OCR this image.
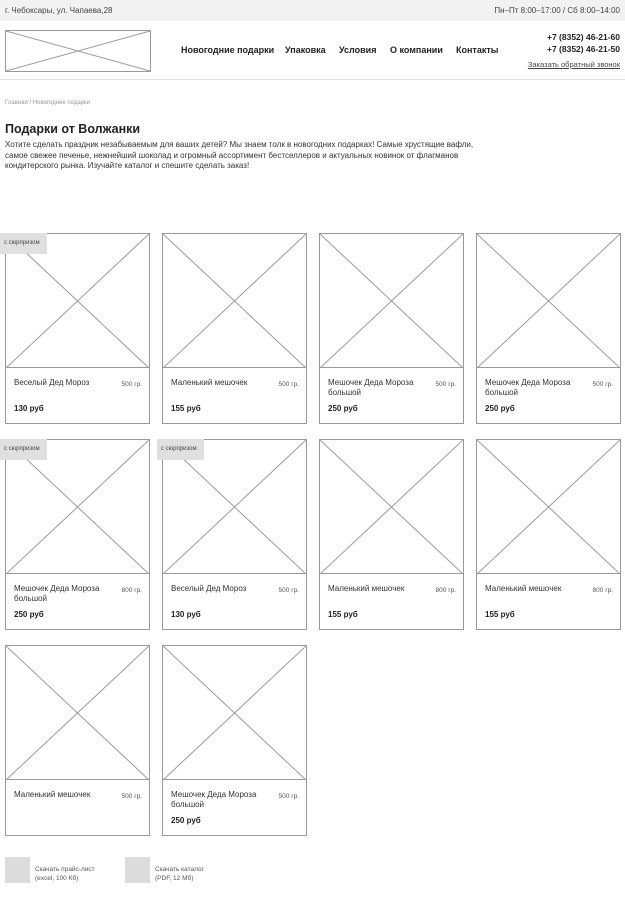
г. Чебоксары, ул. Чапаева,28	Пн–Пт 8:00–17:00 / Сб 8:00–14:00
Новогодние подарки Упаковка Условия О компании Контакты
+7 (8352) 46-21-60
+7 (8352) 46-21-50
Заказать обратный звонок
Главная / Новогодние подарки
Подарки от Волжанки

Хотите сделать праздник незабываемым для ваших детей? Мы знаем толк в новогодних подарках! Самые хрустящие вафли, самое свежее печенье, нежнейший шоколад и огромный ассортимент бестселлеров и актуальных новинок от флагманов кондитерского рынка. Изучайте каталог и спешите сделать заказ!

Веселый Дед Мороз	500 гр.
130 руб
с сюрпризом
Маленький мешочек	500 гр.
155 руб
Мешочек Деда Мороза большой
500 гр.
250 руб
Мешочек Деда Мороза большой
500 гр.
250 руб
Мешочек Деда Мороза большой
800 гр.
250 руб
с сюрпризом
Веселый Дед Мороз	500 гр.
130 руб
с сюрпризом
Маленький мешочек	800 гр.
155 руб
Маленький мешочек	800 гр.
155 руб
Маленький мешочек	500 гр.	Мешочек Деда Мороза большой
500 гр.
250 руб
Скачать прайс-лист
(excel, 100 Кб)
Скачать каталог
(PDF, 12 Мб)
